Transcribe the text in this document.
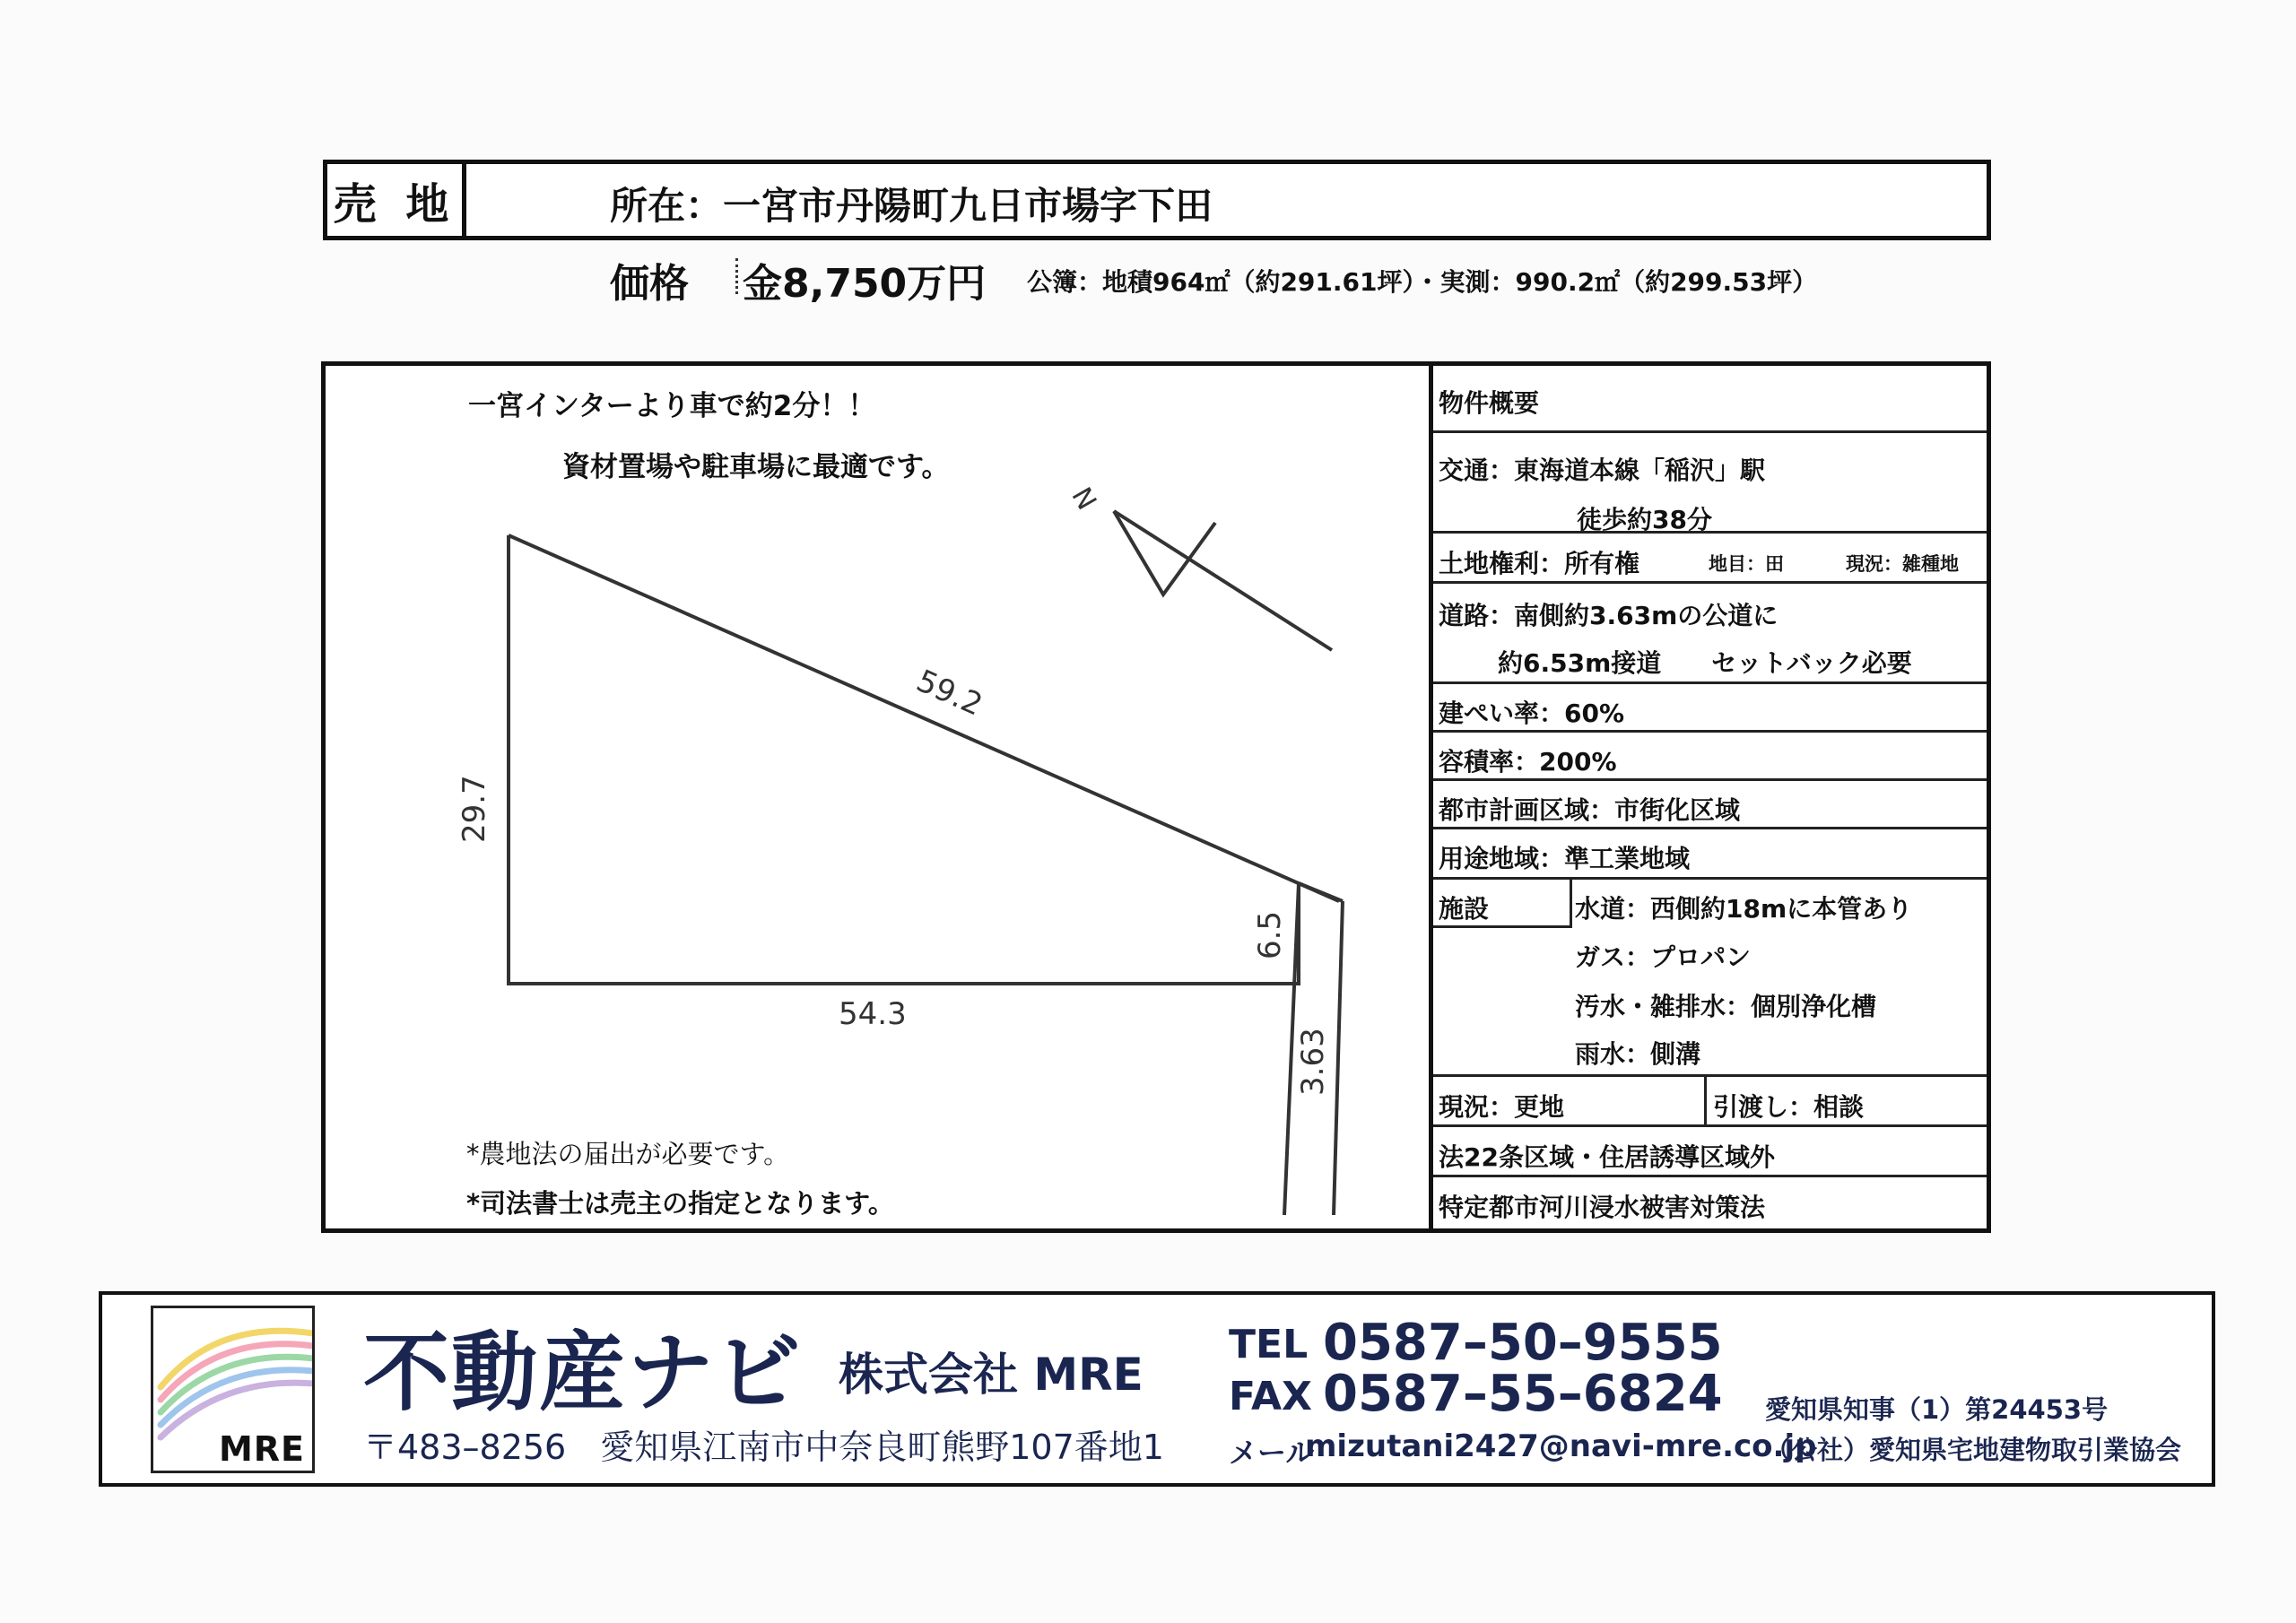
売 地	所在：一宮市丹陽町九日市場字下田
価格 金8,750万円 公簿：地積964㎡（約291.61坪）・実測：990.2㎡（約299.53坪）
一宮インターより車で約2分！！
資材置場や駐車場に最適です。
59.2
29.7
54.3
6.5
3.63
N
*農地法の届出が必要です。
*司法書士は売主の指定となります。
物件概要
交通：東海道本線「稲沢」駅
徒歩約38分
土地権利：所有権	地目：田	現況：雑種地
道路：南側約3.63mの公道に
約6.53m接道　　セットバック必要
建ぺい率：60%
容積率：200%
都市計画区域：市街化区域
用途地域：準工業地域
施設	水道：西側約18mに本管あり
ガス：プロパン
汚水・雑排水：個別浄化槽
雨水：側溝
現況：更地	引渡し：相談
法22条区域・住居誘導区域外
特定都市河川浸水被害対策法
MRE
不動産ナビ 株式会社 MRE
〒483–8256　愛知県江南市中奈良町熊野107番地1
TEL 0587–50–9555
FAX 0587–55–6824
メール
mizutani2427@navi-mre.co.jp
愛知県知事（1）第24453号
（公社）愛知県宅地建物取引業協会
